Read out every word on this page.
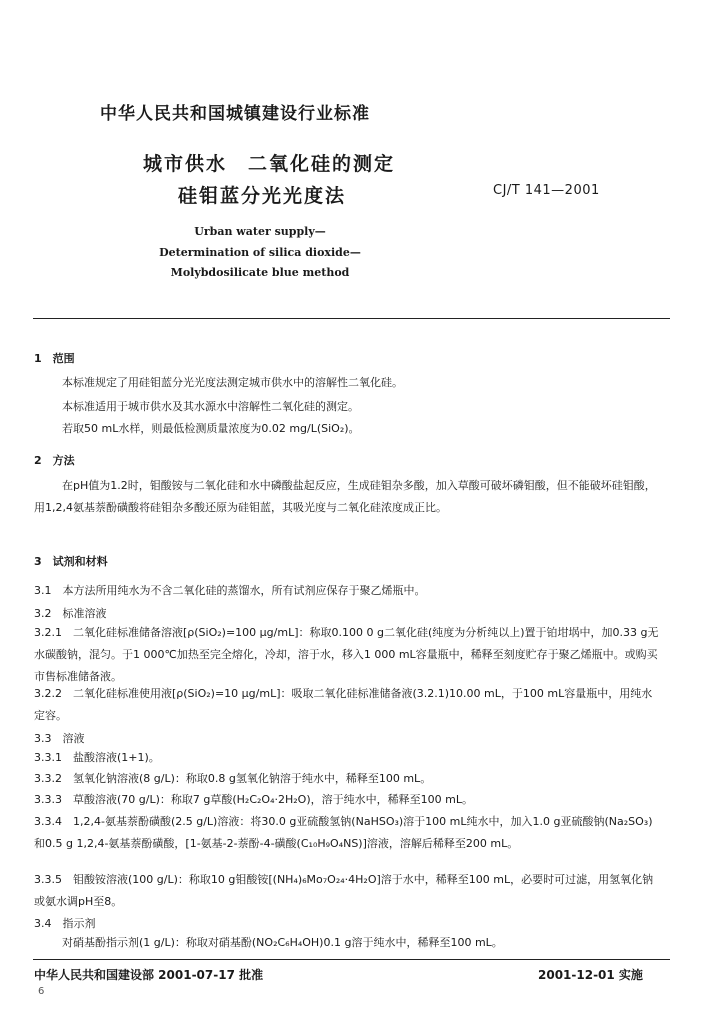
中华人民共和国城镇建设行业标准
城市供水　二氧化硅的测定
硅钼蓝分光光度法	CJ/T 141—2001
Urban water supply—
Determination of silica dioxide—
Molybdosilicate blue method
1　范围
本标准规定了用硅钼蓝分光光度法测定城市供水中的溶解性二氧化硅。
本标准适用于城市供水及其水源水中溶解性二氧化硅的测定。
若取50 mL水样，则最低检测质量浓度为0.02 mg/L(SiO₂)。
2　方法
在pH值为1.2时，钼酸铵与二氧化硅和水中磷酸盐起反应，生成硅钼杂多酸，加入草酸可破坏磷钼酸，但不能破坏硅钼酸，用1,2,4氨基萘酚磺酸将硅钼杂多酸还原为硅钼蓝，其吸光度与二氧化硅浓度成正比。
3　试剂和材料
3.1　本方法所用纯水为不含二氧化硅的蒸馏水，所有试剂应保存于聚乙烯瓶中。
3.2　标准溶液
3.2.1　二氧化硅标准储备溶液[ρ(SiO₂)=100 μg/mL]：称取0.100 0 g二氧化硅(纯度为分析纯以上)置于铂坩埚中，加0.33 g无水碳酸钠，混匀。于1 000℃加热至完全熔化，冷却，溶于水，移入1 000 mL容量瓶中，稀释至刻度贮存于聚乙烯瓶中。或购买市售标准储备液。
3.2.2　二氧化硅标准使用液[ρ(SiO₂)=10 μg/mL]：吸取二氧化硅标准储备液(3.2.1)10.00 mL，于100 mL容量瓶中，用纯水定容。
3.3　溶液
3.3.1　盐酸溶液(1+1)。
3.3.2　氢氧化钠溶液(8 g/L)：称取0.8 g氢氧化钠溶于纯水中，稀释至100 mL。
3.3.3　草酸溶液(70 g/L)：称取7 g草酸(H₂C₂O₄·2H₂O)，溶于纯水中，稀释至100 mL。
3.3.4　1,2,4-氨基萘酚磺酸(2.5 g/L)溶液：将30.0 g亚硫酸氢钠(NaHSO₃)溶于100 mL纯水中，加入1.0 g亚硫酸钠(Na₂SO₃)和0.5 g 1,2,4-氨基萘酚磺酸，[1-氨基-2-萘酚-4-磺酸(C₁₀H₉O₄NS)]溶液，溶解后稀释至200 mL。
3.3.5　钼酸铵溶液(100 g/L)：称取10 g钼酸铵[(NH₄)₆Mo₇O₂₄·4H₂O]溶于水中，稀释至100 mL，必要时可过滤，用氢氧化钠或氨水调pH至8。
3.4　指示剂
对硝基酚指示剂(1 g/L)：称取对硝基酚(NO₂C₆H₄OH)0.1 g溶于纯水中，稀释至100 mL。
中华人民共和国建设部 2001-07-17 批准	2001-12-01 实施
6
